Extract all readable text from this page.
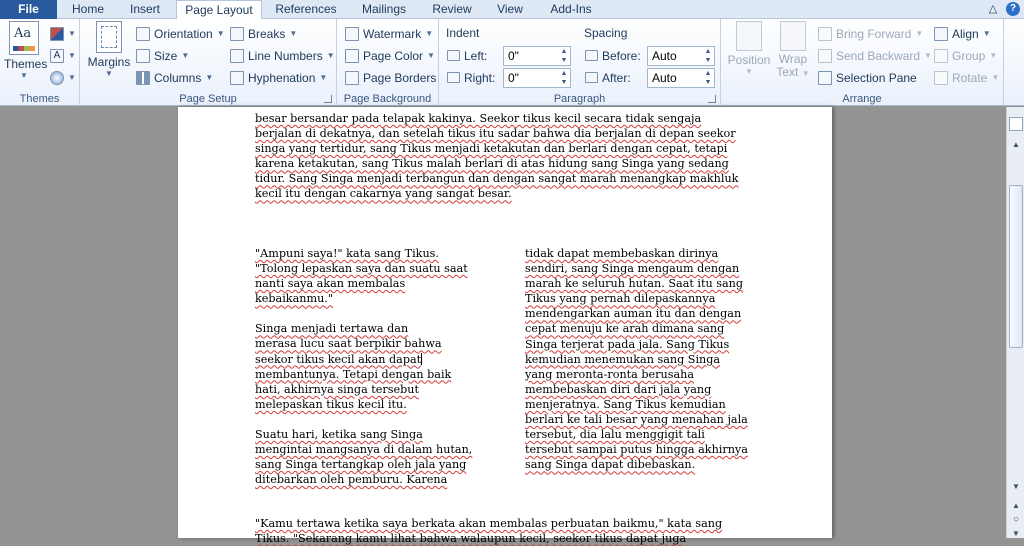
File	Home	Insert	Page Layout	References	Mailings	Review	View	Add-Ins	△	?
Aa
Themes
▼
▼
A ▼
▼
Themes
Margins
▼
Orientation ▼
Size ▼
Columns ▼
Breaks ▼
Line Numbers ▼
Hyphenation ▼
Page Setup
Watermark ▼
Page Color ▼
Page Borders
Page Background
Indent
Left:	0"	▲
▼
Right:	0"	▲
▼
Spacing
Before: Auto	▲
▼
After:	Auto	▲
▼
Paragraph
Position
▼
Wrap
Text ▼
Bring Forward ▼
Send Backward ▼
Selection Pane
Align ▼
Group ▼
Rotate ▼
Arrange
besar bersandar pada telapak kakinya. Seekor tikus kecil secara tidak sengaja
berjalan di dekatnya, dan setelah tikus itu sadar bahwa dia berjalan di depan seekor
singa yang tertidur, sang Tikus menjadi ketakutan dan berlari dengan cepat, tetapi
karena ketakutan, sang Tikus malah berlari di atas hidung sang Singa yang sedang
tidur. Sang Singa menjadi terbangun dan dengan sangat marah menangkap makhluk
kecil itu dengan cakarnya yang sangat besar.

"Ampuni saya!" kata sang Tikus.
"Tolong lepaskan saya dan suatu saat
nanti saya akan membalas
kebaikanmu."

Singa menjadi tertawa dan
merasa lucu saat berpikir bahwa
seekor tikus kecil akan dapat
membantunya. Tetapi dengan baik
hati, akhirnya singa tersebut
melepaskan tikus kecil itu.

Suatu hari, ketika sang Singa
mengintai mangsanya di dalam hutan,
sang Singa tertangkap oleh jala yang
ditebarkan oleh pemburu. Karena

tidak dapat membebaskan dirinya
sendiri, sang Singa mengaum dengan
marah ke seluruh hutan. Saat itu sang
Tikus yang pernah dilepaskannya
mendengarkan auman itu dan dengan
cepat menuju ke arah dimana sang
Singa terjerat pada jala. Sang Tikus
kemudian menemukan sang Singa
yang meronta-ronta berusaha
membebaskan diri dari jala yang
menjeratnya. Sang Tikus kemudian
berlari ke tali besar yang menahan jala
tersebut, dia lalu menggigit tali
tersebut sampai putus hingga akhirnya
sang Singa dapat dibebaskan.
"Kamu tertawa ketika saya berkata akan membalas perbuatan baikmu," kata sang
Tikus. "Sekarang kamu lihat bahwa walaupun kecil, seekor tikus dapat juga
▲
▼
▲
○
▼
